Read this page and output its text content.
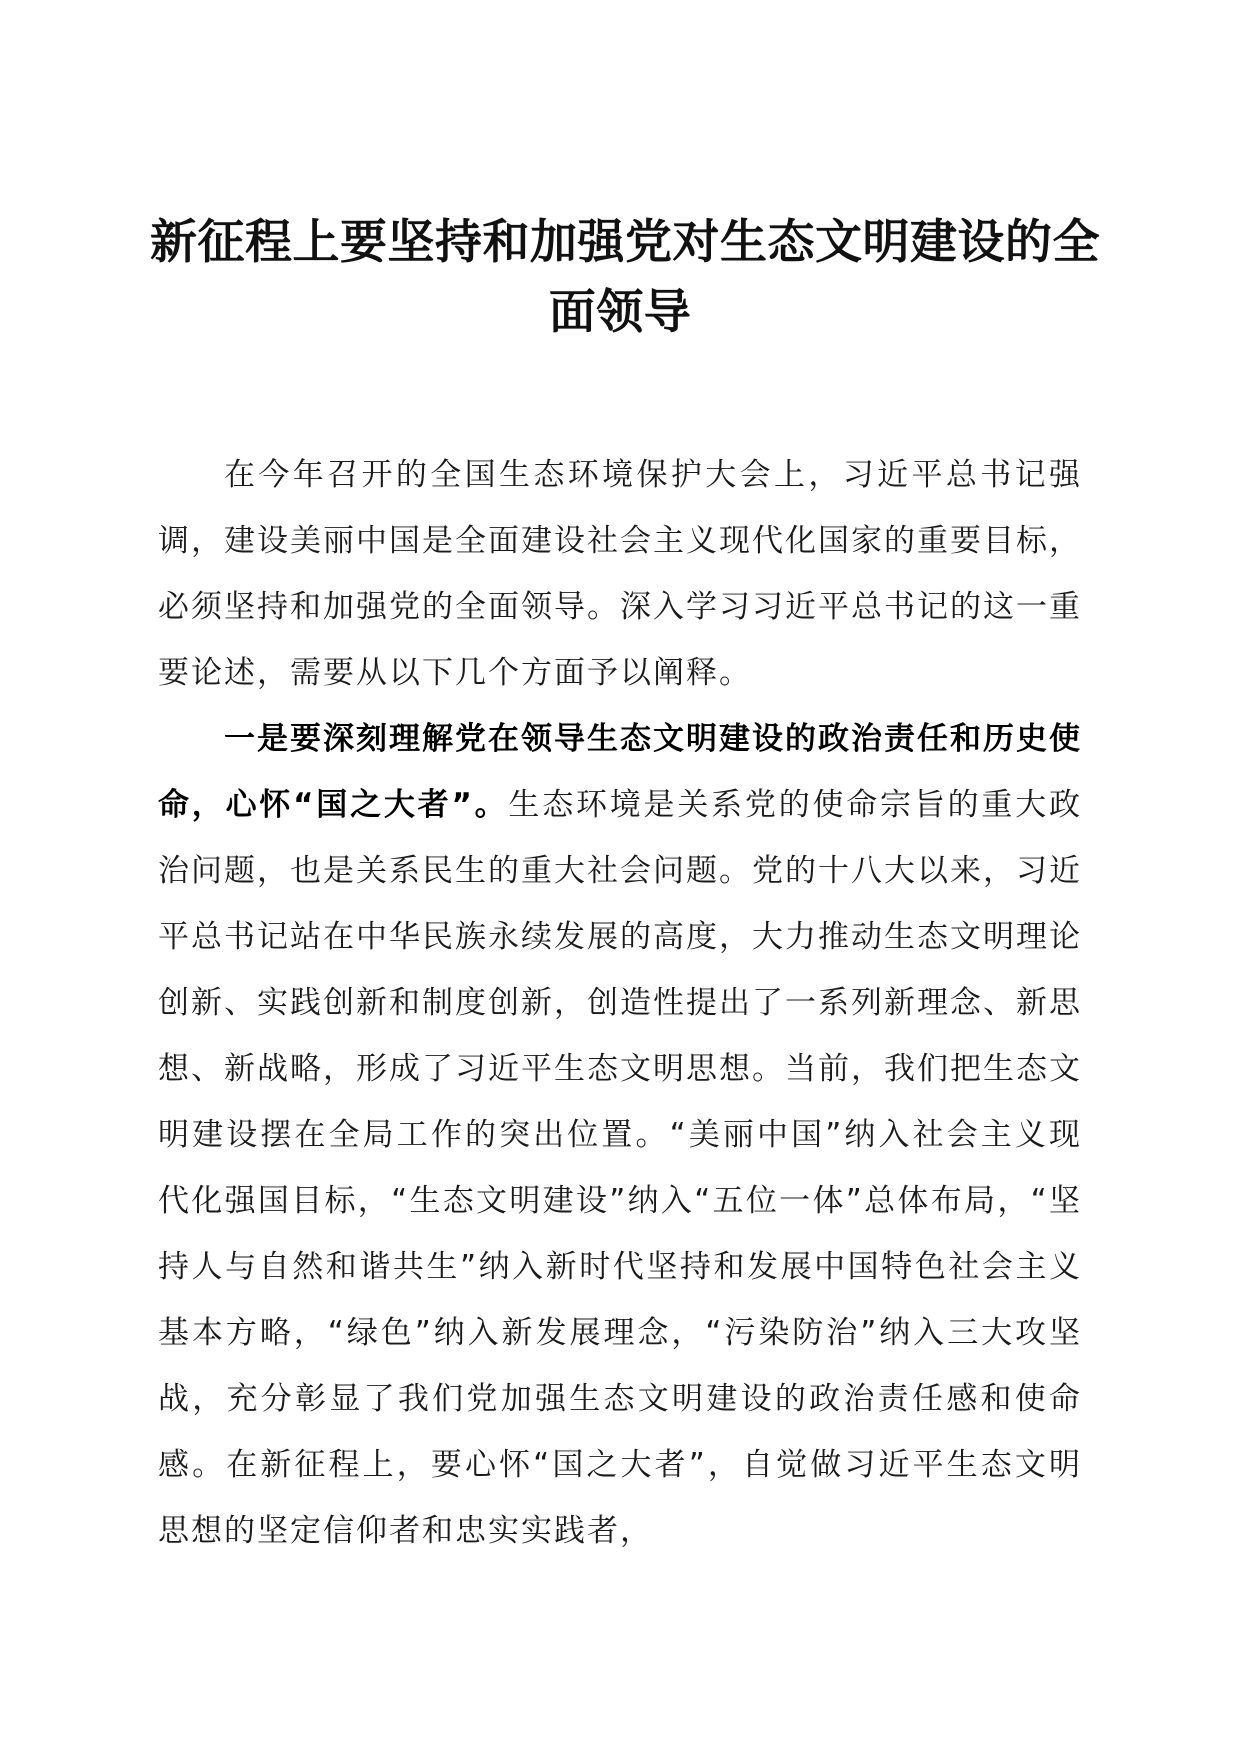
新征程上要坚持和加强党对生态文明建设的全
面领导

在今年召开的全国生态环境保护大会上，习近平总书记强调，建设美丽中国是全面建设社会主义现代化国家的重要目标，必须坚持和加强党的全面领导。深入学习习近平总书记的这一重要论述，需要从以下几个方面予以阐释。

一是要深刻理解党在领导生态文明建设的政治责任和历史使命，心怀“国之大者”。生态环境是关系党的使命宗旨的重大政治问题，也是关系民生的重大社会问题。党的十八大以来，习近平总书记站在中华民族永续发展的高度，大力推动生态文明理论创新、实践创新和制度创新，创造性提出了一系列新理念、新思想、新战略，形成了习近平生态文明思想。当前，我们把生态文明建设摆在全局工作的突出位置。“美丽中国”纳入社会主义现代化强国目标，“生态文明建设”纳入“五位一体”总体布局，“坚持人与自然和谐共生”纳入新时代坚持和发展中国特色社会主义基本方略，“绿色”纳入新发展理念，“污染防治”纳入三大攻坚战，充分彰显了我们党加强生态文明建设的政治责任感和使命感。在新征程上，要心怀“国之大者”，自觉做习近平生态文明思想的坚定信仰者和忠实实践者，
